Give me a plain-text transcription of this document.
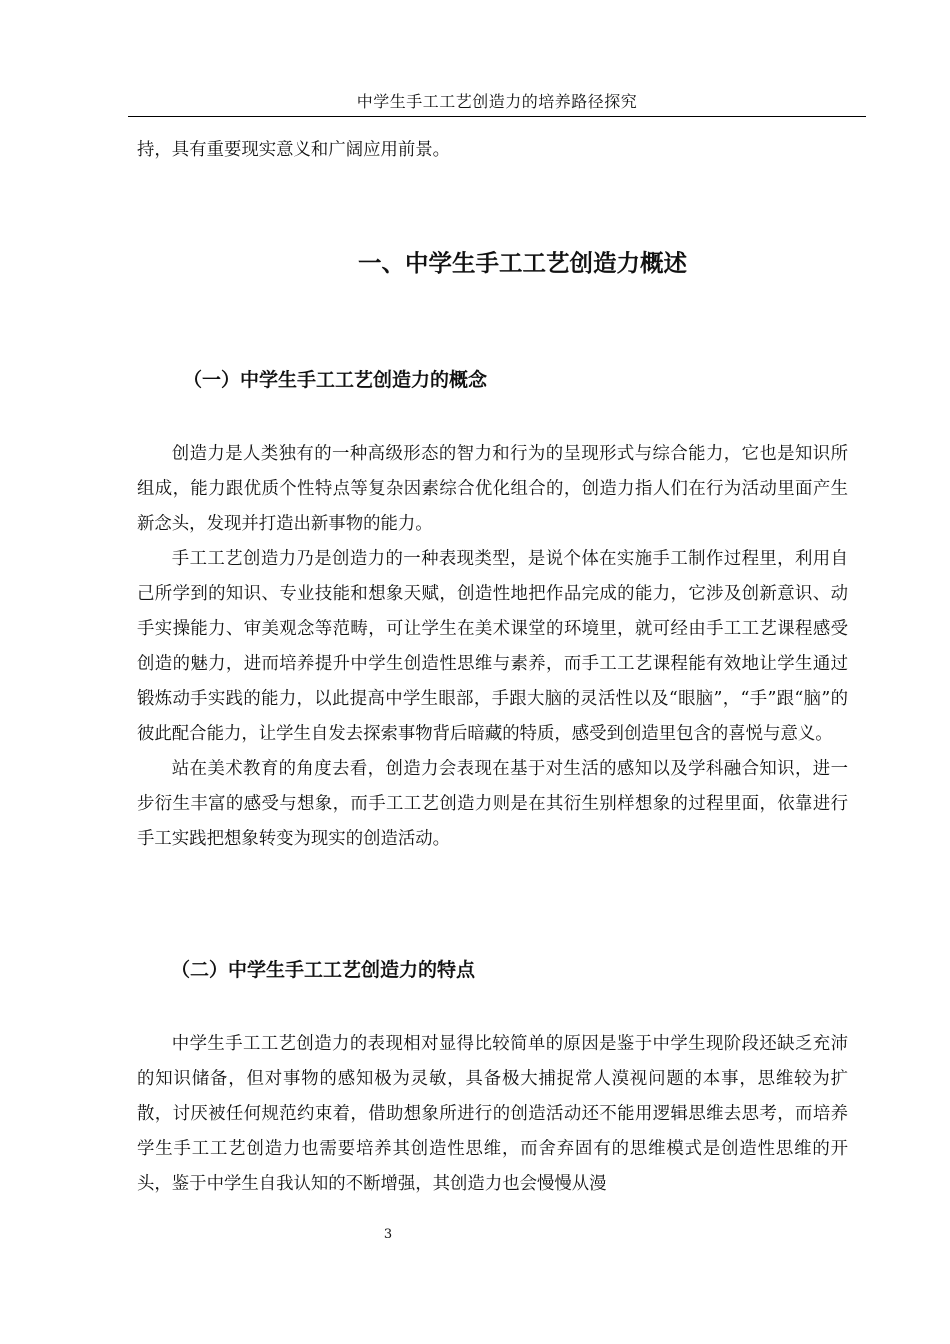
中学生手工工艺创造力的培养路径探究

持，具有重要现实意义和广阔应用前景。

一、中学生手工工艺创造力概述
（一）中学生手工工艺创造力的概念

创造力是人类独有的一种高级形态的智力和行为的呈现形式与综合能力，它也是知识所组成，能力跟优质个性特点等复杂因素综合优化组合的，创造力指人们在行为活动里面产生新念头，发现并打造出新事物的能力。

手工工艺创造力乃是创造力的一种表现类型，是说个体在实施手工制作过程里，利用自己所学到的知识、专业技能和想象天赋，创造性地把作品完成的能力，它涉及创新意识、动手实操能力、审美观念等范畴，可让学生在美术课堂的环境里，就可经由手工工艺课程感受创造的魅力，进而培养提升中学生创造性思维与素养，而手工工艺课程能有效地让学生通过锻炼动手实践的能力，以此提高中学生眼部，手跟大脑的灵活性以及“眼脑”，“手”跟“脑”的彼此配合能力，让学生自发去探索事物背后暗藏的特质，感受到创造里包含的喜悦与意义。

站在美术教育的角度去看，创造力会表现在基于对生活的感知以及学科融合知识，进一步衍生丰富的感受与想象，而手工工艺创造力则是在其衍生别样想象的过程里面，依靠进行手工实践把想象转变为现实的创造活动。

（二）中学生手工工艺创造力的特点

中学生手工工艺创造力的表现相对显得比较简单的原因是鉴于中学生现阶段还缺乏充沛的知识储备，但对事物的感知极为灵敏，具备极大捕捉常人漠视问题的本事，思维较为扩散，讨厌被任何规范约束着，借助想象所进行的创造活动还不能用逻辑思维去思考，而培养学生手工工艺创造力也需要培养其创造性思维，而舍弃固有的思维模式是创造性思维的开头，鉴于中学生自我认知的不断增强，其创造力也会慢慢从漫

3
